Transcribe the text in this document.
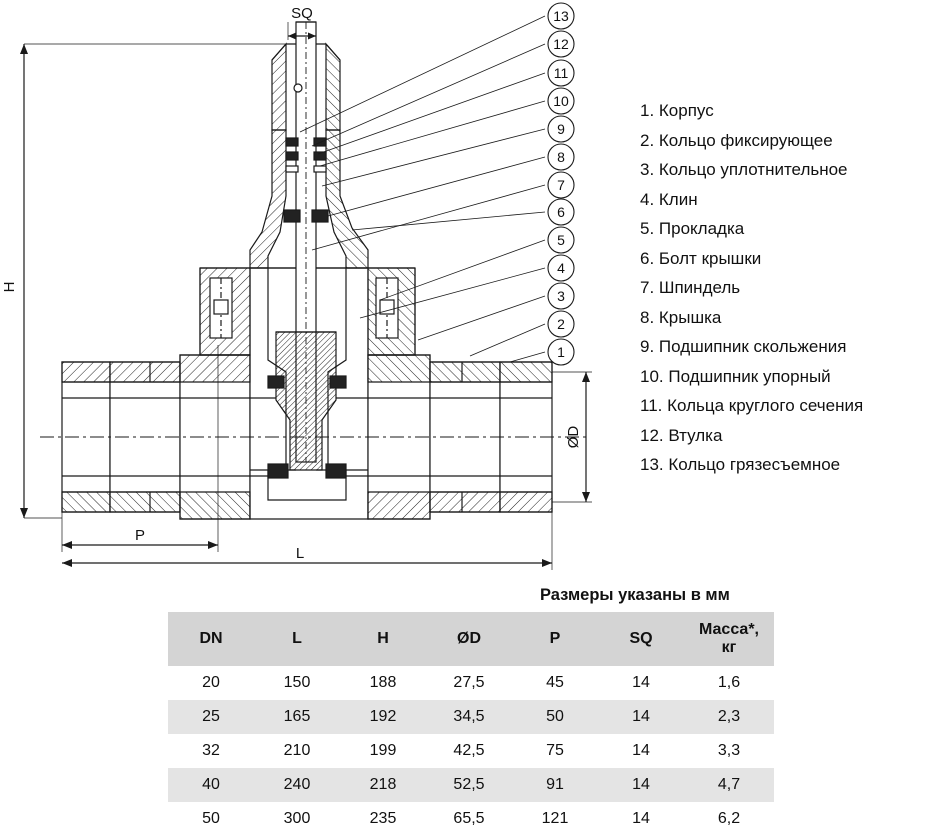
13
12
11
10
9
8
7
6
5
4
3
2
1
SQ
H
P
L
ØD
1. Корпус
2. Кольцо фиксирующее
3. Кольцо уплотнительное
4. Клин
5. Прокладка
6. Болт крышки
7. Шпиндель
8. Крышка
9. Подшипник скольжения
10. Подшипник упорный
11. Кольца круглого сечения
12. Втулка
13. Кольцо грязесъемное
Размеры указаны в мм
DN	L	H	ØD	P	SQ	Масса*,
кг
20	150	188	27,5	45	14	1,6
25	165	192	34,5	50	14	2,3
32	210	199	42,5	75	14	3,3
40	240	218	52,5	91	14	4,7
50	300	235	65,5	121	14	6,2
